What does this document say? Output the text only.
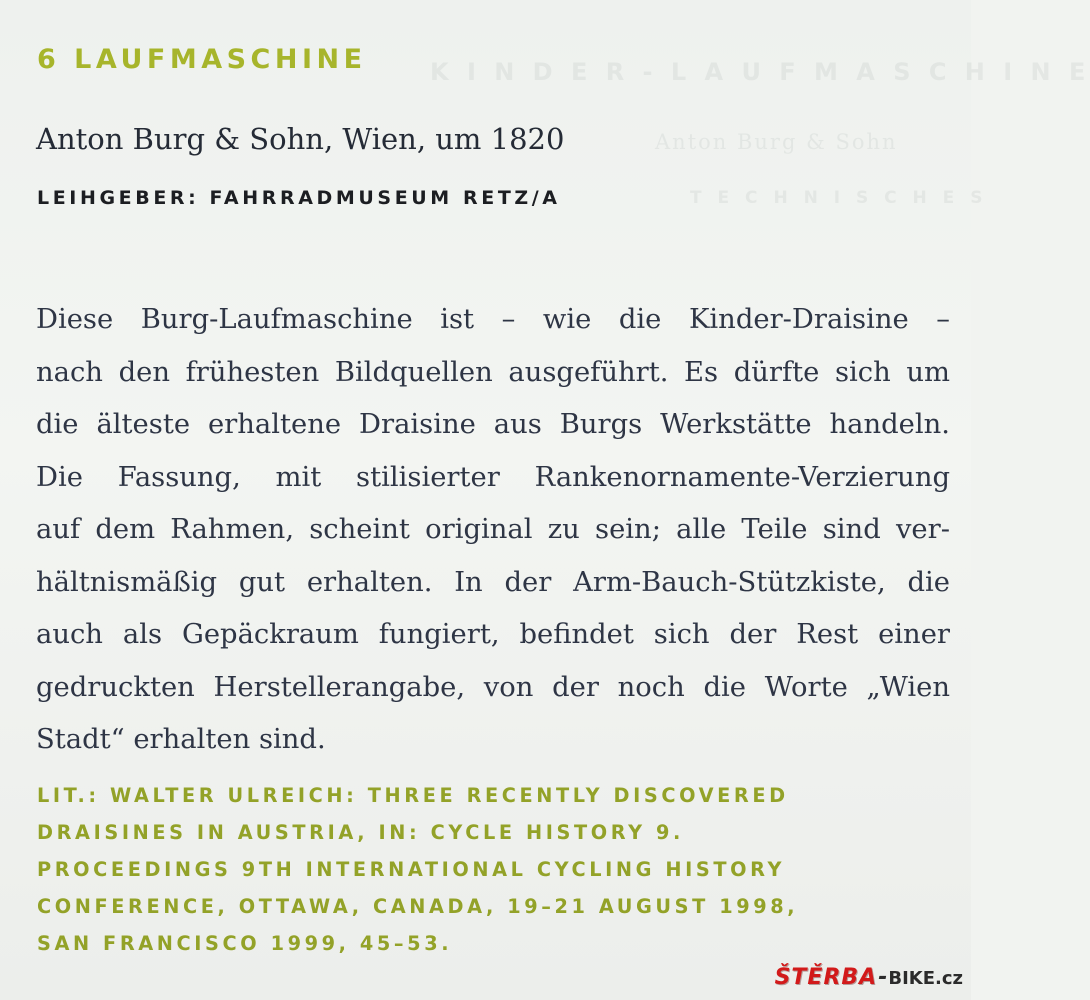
K I N D E R - L A U F M A S C H I N E
Anton Burg & Sohn
T E C H N I S C H E S
6 LAUFMASCHINE
Anton Burg & Sohn, Wien, um 1820
LEIHGEBER: FAHRRADMUSEUM RETZ/A
Diese Burg-Laufmaschine ist – wie die Kinder-Draisine –
nach den frühesten Bildquellen ausgeführt. Es dürfte sich um
die älteste erhaltene Draisine aus Burgs Werkstätte handeln.
Die Fassung, mit stilisierter Rankenornamente-Verzierung
auf dem Rahmen, scheint original zu sein; alle Teile sind ver-
hältnismäßig gut erhalten. In der Arm-Bauch-Stützkiste, die
auch als Gepäckraum fungiert, befindet sich der Rest einer
gedruckten Herstellerangabe, von der noch die Worte „Wien
Stadt“ erhalten sind.
LIT.: WALTER ULREICH: THREE RECENTLY DISCOVERED
DRAISINES IN AUSTRIA, IN: CYCLE HISTORY 9.
PROCEEDINGS 9TH INTERNATIONAL CYCLING HISTORY
CONFERENCE, OTTAWA, CANADA, 19–21 AUGUST 1998,
SAN FRANCISCO 1999, 45–53.
ŠTĚRBA - BIKE.cz
